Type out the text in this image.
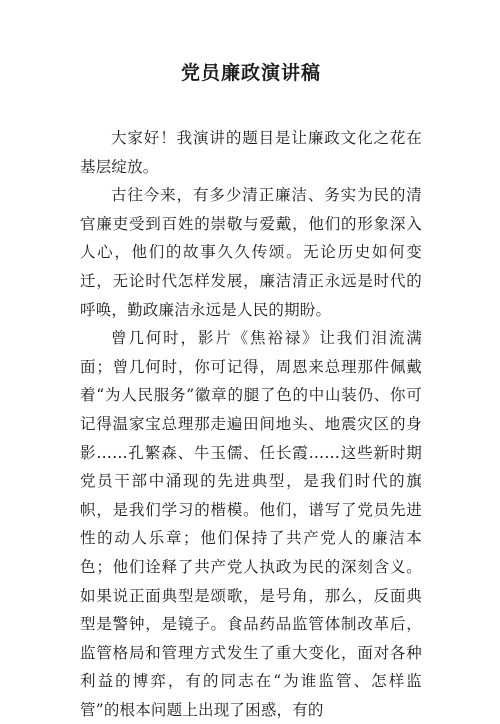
党员廉政演讲稿

大家好！我演讲的题目是让廉政文化之花在基层绽放。

古往今来，有多少清正廉洁、务实为民的清官廉吏受到百姓的崇敬与爱戴，他们的形象深入人心，他们的故事久久传颂。无论历史如何变迁，无论时代怎样发展，廉洁清正永远是时代的呼唤，勤政廉洁永远是人民的期盼。

曾几何时，影片《焦裕禄》让我们泪流满面；曾几何时，你可记得，周恩来总理那件佩戴着“为人民服务”徽章的腿了色的中山装仍、你可记得温家宝总理那走遍田间地头、地震灾区的身影……孔繁森、牛玉儒、任长霞……这些新时期党员干部中涌现的先进典型，是我们时代的旗帜，是我们学习的楷模。他们，谱写了党员先进性的动人乐章；他们保持了共产党人的廉洁本色；他们诠释了共产党人执政为民的深刻含义。如果说正面典型是颂歌，是号角，那么，反面典型是警钟，是镜子。食品药品监管体制改革后，监管格局和管理方式发生了重大变化，面对各种利益的博弈，有的同志在“为谁监管、怎样监管”的根本问题上出现了困惑，有的
